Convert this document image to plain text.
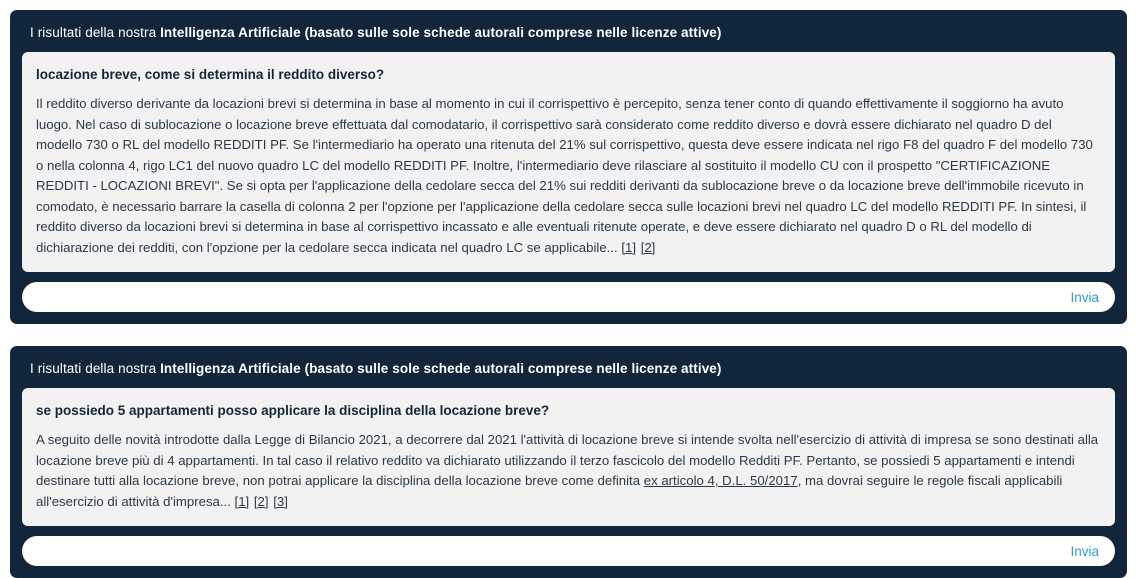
I risultati della nostra Intelligenza Artificiale (basato sulle sole schede autorali comprese nelle licenze attive)
locazione breve, come si determina il reddito diverso?
Il reddito diverso derivante da locazioni brevi si determina in base al momento in cui il corrispettivo è percepito, senza tener conto di quando effettivamente il soggiorno ha avuto luogo. Nel caso di sublocazione o locazione breve effettuata dal comodatario, il corrispettivo sarà considerato come reddito diverso e dovrà essere dichiarato nel quadro D del modello 730 o RL del modello REDDITI PF. Se l'intermediario ha operato una ritenuta del 21% sul corrispettivo, questa deve essere indicata nel rigo F8 del quadro F del modello 730 o nella colonna 4, rigo LC1 del nuovo quadro LC del modello REDDITI PF. Inoltre, l'intermediario deve rilasciare al sostituito il modello CU con il prospetto "CERTIFICAZIONE REDDITI - LOCAZIONI BREVI". Se si opta per l'applicazione della cedolare secca del 21% sui redditi derivanti da sublocazione breve o da locazione breve dell'immobile ricevuto in comodato, è necessario barrare la casella di colonna 2 per l'opzione per l'applicazione della cedolare secca sulle locazioni brevi nel quadro LC del modello REDDITI PF. In sintesi, il reddito diverso da locazioni brevi si determina in base al corrispettivo incassato e alle eventuali ritenute operate, e deve essere dichiarato nel quadro D o RL del modello di dichiarazione dei redditi, con l'opzione per la cedolare secca indicata nel quadro LC se applicabile... [1] [2]
Invia
I risultati della nostra Intelligenza Artificiale (basato sulle sole schede autorali comprese nelle licenze attive)
se possiedo 5 appartamenti posso applicare la disciplina della locazione breve?
A seguito delle novità introdotte dalla Legge di Bilancio 2021, a decorrere dal 2021 l'attività di locazione breve si intende svolta nell'esercizio di attività di impresa se sono destinati alla locazione breve più di 4 appartamenti. In tal caso il relativo reddito va dichiarato utilizzando il terzo fascicolo del modello Redditi PF. Pertanto, se possiedi 5 appartamenti e intendi destinare tutti alla locazione breve, non potrai applicare la disciplina della locazione breve come definita ex articolo 4, D.L. 50/2017, ma dovrai seguire le regole fiscali applicabili all'esercizio di attività d'impresa... [1] [2] [3]
Invia
